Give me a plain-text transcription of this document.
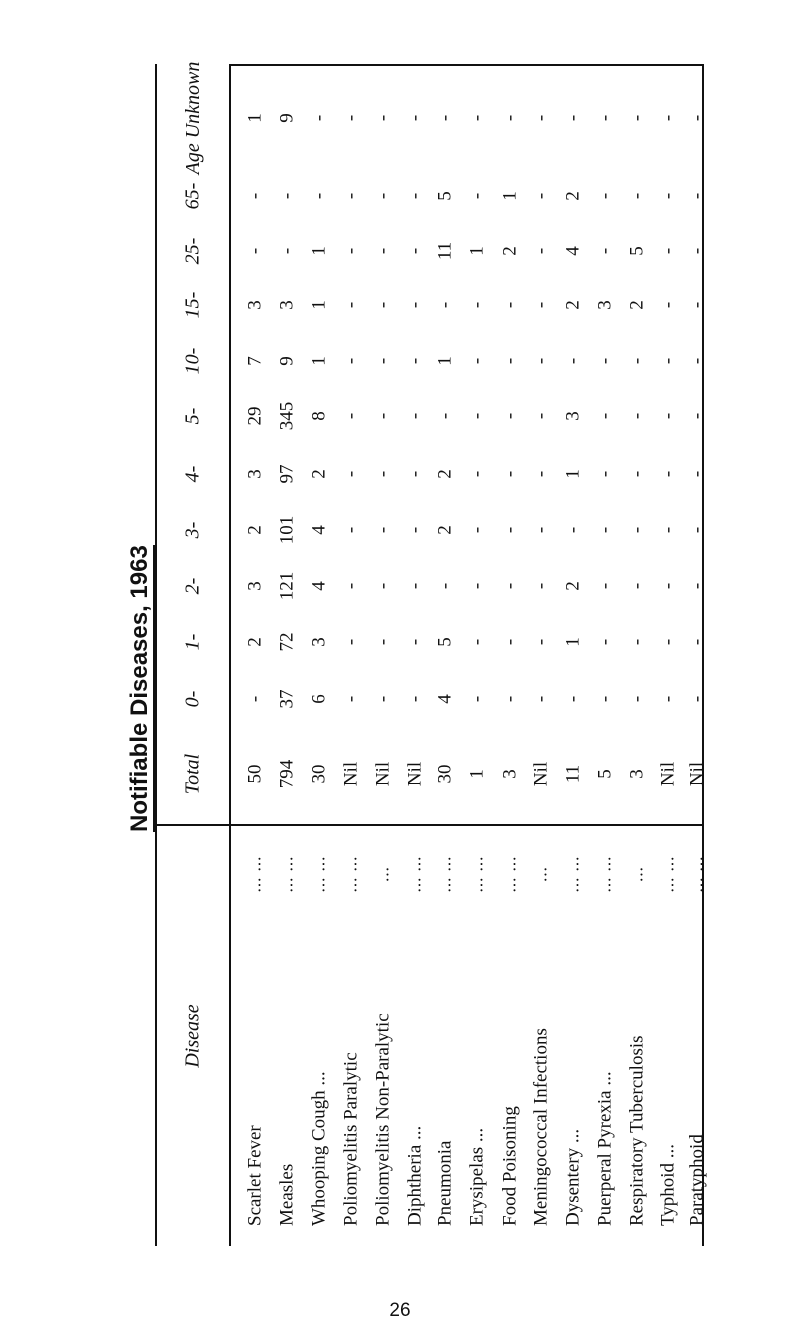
Notifiable Diseases, 1963
Disease
Total
0-
1-
2-
3-
4-
5-
10-
15-
25-
65-
Age Unknown
Scarlet Fever
... ...
50
-
2
3
2
3
29
7
3
-
-
1
Measles
... ...
794
37
72
121
101
97
345
9
3
-
-
9
Whooping Cough ...
... ...
30
6
3
4
4
2
8
1
1
1
-
-
Poliomyelitis Paralytic
... ...
Nil
-
-
-
-
-
-
-
-
-
-
-
Poliomyelitis Non-Paralytic
...
Nil
-
-
-
-
-
-
-
-
-
-
-
Diphtheria ...
... ...
Nil
-
-
-
-
-
-
-
-
-
-
-
Pneumonia
... ...
30
4
5
-
2
2
-
1
-
11
5
-
Erysipelas ...
... ...
1
-
-
-
-
-
-
-
-
1
-
-
Food Poisoning
... ...
3
-
-
-
-
-
-
-
-
2
1
-
Meningococcal Infections
...
Nil
-
-
-
-
-
-
-
-
-
-
-
Dysentery ...
... ...
11
-
1
2
-
1
3
-
2
4
2
-
Puerperal Pyrexia ...
... ...
5
-
-
-
-
-
-
-
3
-
-
-
Respiratory Tuberculosis
...
3
-
-
-
-
-
-
-
2
5
-
-
Typhoid ...
... ...
Nil
-
-
-
-
-
-
-
-
-
-
-
Paratyphoid
... ...
Nil
-
-
-
-
-
-
-
-
-
-
-
26
